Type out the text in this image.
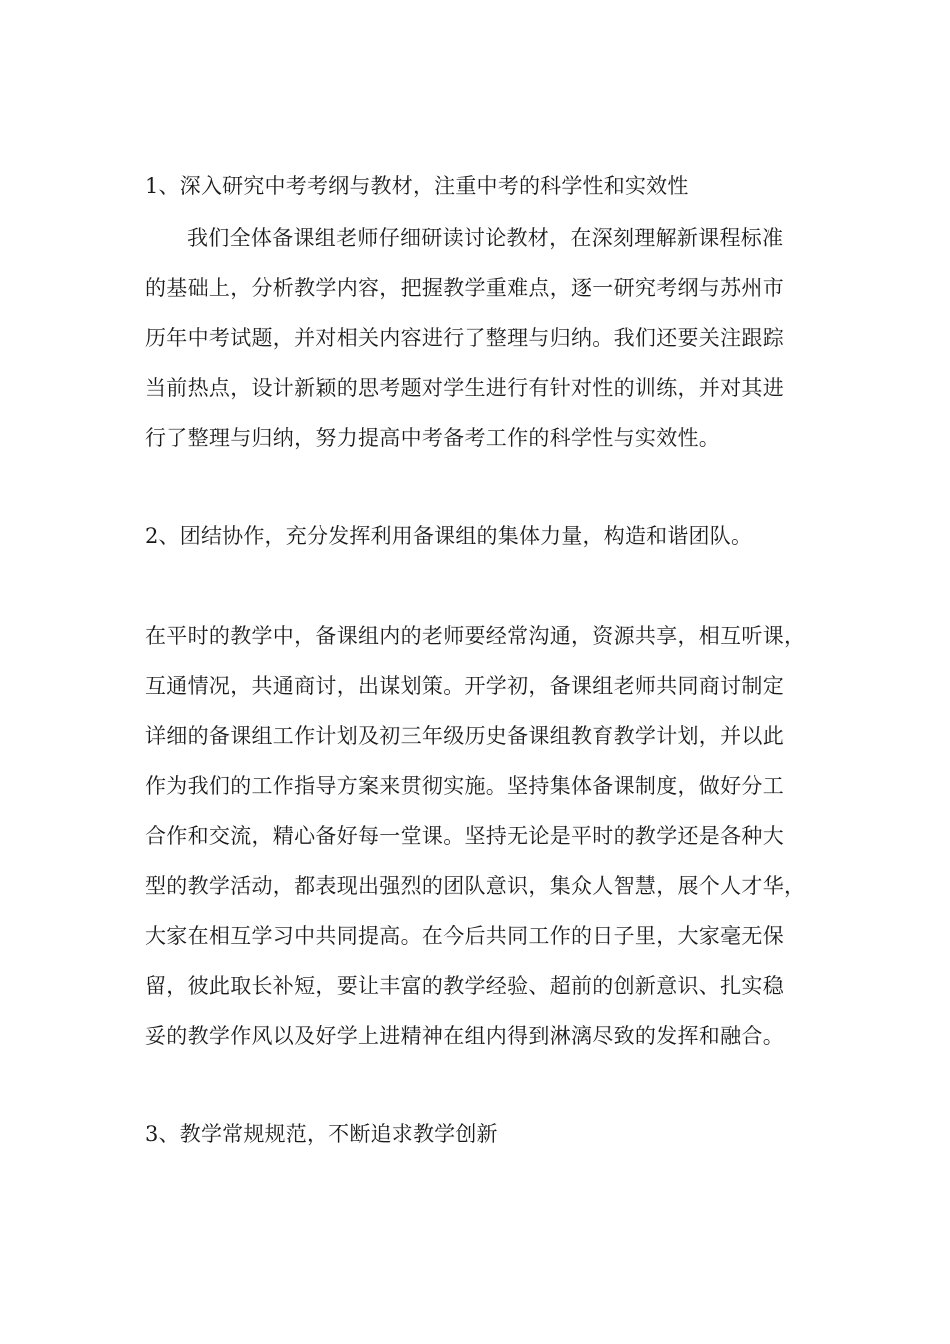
1、深入研究中考考纲与教材，注重中考的科学性和实效性
我们全体备课组老师仔细研读讨论教材，在深刻理解新课程标准
的基础上，分析教学内容，把握教学重难点，逐一研究考纲与苏州市
历年中考试题，并对相关内容进行了整理与归纳。我们还要关注跟踪
当前热点，设计新颖的思考题对学生进行有针对性的训练，并对其进
行了整理与归纳，努力提高中考备考工作的科学性与实效性。
2、团结协作，充分发挥利用备课组的集体力量，构造和谐团队。
在平时的教学中，备课组内的老师要经常沟通，资源共享，相互听课，
互通情况，共通商讨，出谋划策。开学初，备课组老师共同商讨制定
详细的备课组工作计划及初三年级历史备课组教育教学计划，并以此
作为我们的工作指导方案来贯彻实施。坚持集体备课制度，做好分工
合作和交流，精心备好每一堂课。坚持无论是平时的教学还是各种大
型的教学活动，都表现出强烈的团队意识，集众人智慧，展个人才华，
大家在相互学习中共同提高。在今后共同工作的日子里，大家毫无保
留，彼此取长补短，要让丰富的教学经验、超前的创新意识、扎实稳
妥的教学作风以及好学上进精神在组内得到淋漓尽致的发挥和融合。
3、教学常规规范，不断追求教学创新
